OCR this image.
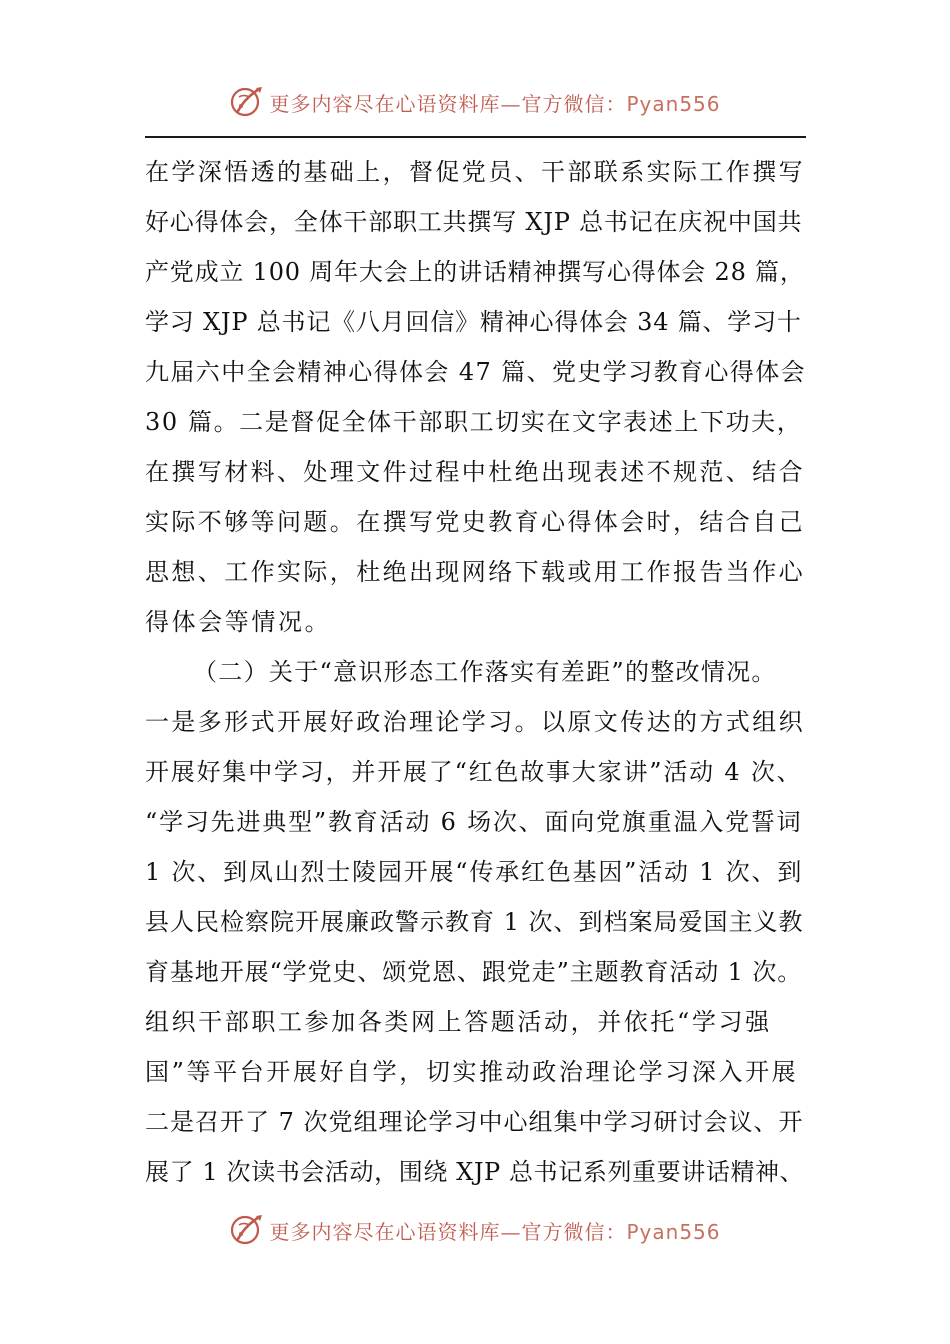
更多内容尽在心语资料库—官方微信：Pyan556
在学深悟透的基础上，督促党员、干部联系实际工作撰写
好心得体会，全体干部职工共撰写 XJP 总书记在庆祝中国共
产党成立 100 周年大会上的讲话精神撰写心得体会 28 篇，
学习 XJP 总书记《八月回信》精神心得体会 34 篇、学习十
九届六中全会精神心得体会 47 篇、党史学习教育心得体会
30 篇。二是督促全体干部职工切实在文字表述上下功夫，
在撰写材料、处理文件过程中杜绝出现表述不规范、结合
实际不够等问题。在撰写党史教育心得体会时，结合自己
思想、工作实际，杜绝出现网络下载或用工作报告当作心
得体会等情况。
（二）关于“意识形态工作落实有差距”的整改情况。
一是多形式开展好政治理论学习。以原文传达的方式组织
开展好集中学习，并开展了“红色故事大家讲”活动 4 次、
“学习先进典型”教育活动 6 场次、面向党旗重温入党誓词
1 次、到凤山烈士陵园开展“传承红色基因”活动 1 次、到
县人民检察院开展廉政警示教育 1 次、到档案局爱国主义教
育基地开展“学党史、颂党恩、跟党走”主题教育活动 1 次。
组织干部职工参加各类网上答题活动，并依托“学习强
国”等平台开展好自学，切实推动政治理论学习深入开展
二是召开了 7 次党组理论学习中心组集中学习研讨会议、开
展了 1 次读书会活动，围绕 XJP 总书记系列重要讲话精神、
更多内容尽在心语资料库—官方微信：Pyan556
